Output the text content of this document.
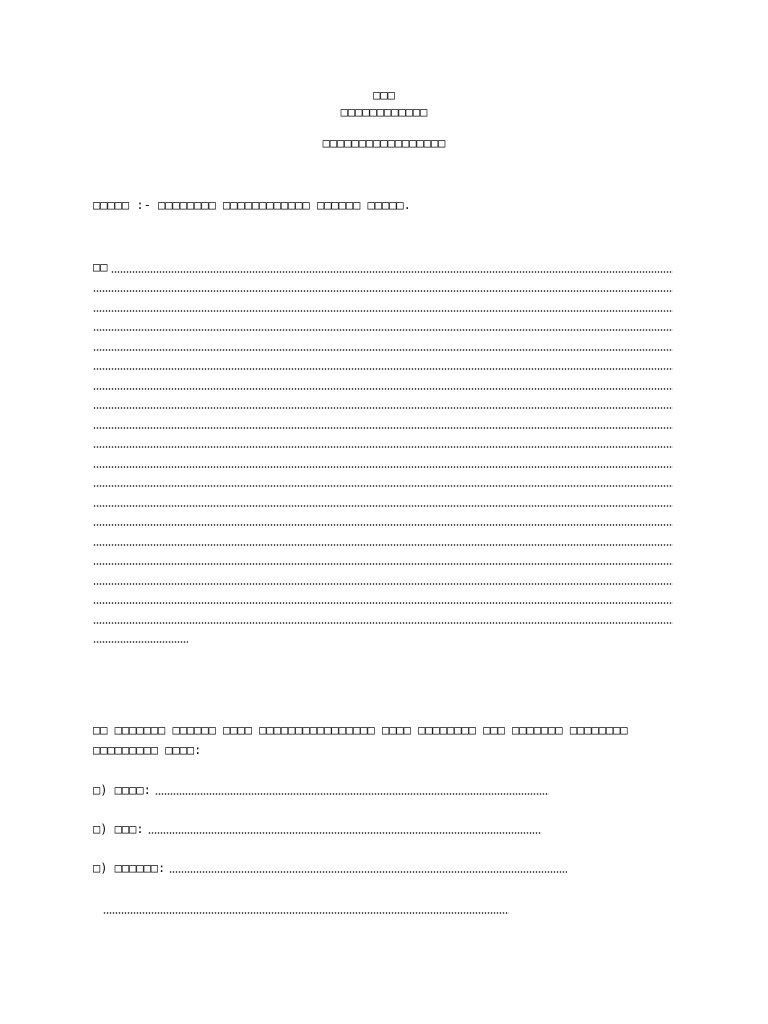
□□□
□□□□□□□□□□□□
□□□□□□□□□□□□□□□□□
□□□□□ :- □□□□□□□□ □□□□□□□□□□□□ □□□□□□ □□□□□.
□□
□□ □□□□□□□ □□□□□□ □□□□ □□□□□□□□□□□□□□□□ □□□□ □□□□□□□□ □□□ □□□□□□□ □□□□□□□□ □□□□□□□□□ □□□□:
□) □□□□:
□) □□□:
□) □□□□□□:
